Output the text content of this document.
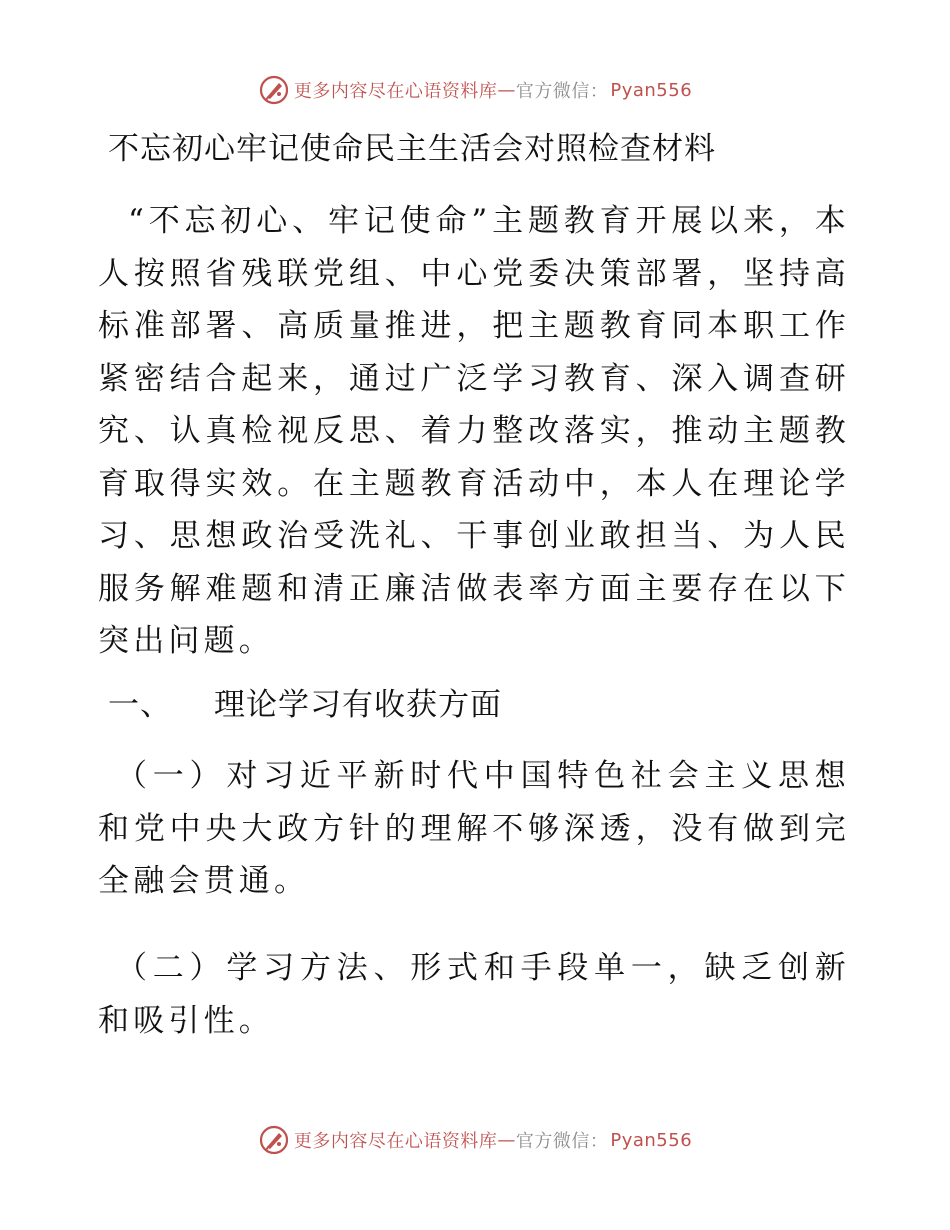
更多内容尽在心语资料库 — 官方微信： Pyan556
不忘初心牢记使命民主生活会对照检查材料
“不忘初心、牢记使命”主题教育开展以来，本人按照省残联党组、中心党委决策部署，坚持高标准部署、高质量推进，把主题教育同本职工作紧密结合起来，通过广泛学习教育、深入调查研究、认真检视反思、着力整改落实，推动主题教育取得实效。在主题教育活动中，本人在理论学习、思想政治受洗礼、干事创业敢担当、为人民服务解难题和清正廉洁做表率方面主要存在以下突出问题。
一、 理论学习有收获方面
（一）对习近平新时代中国特色社会主义思想和党中央大政方针的理解不够深透，没有做到完全融会贯通。
（二）学习方法、形式和手段单一，缺乏创新和吸引性。
更多内容尽在心语资料库 — 官方微信： Pyan556
